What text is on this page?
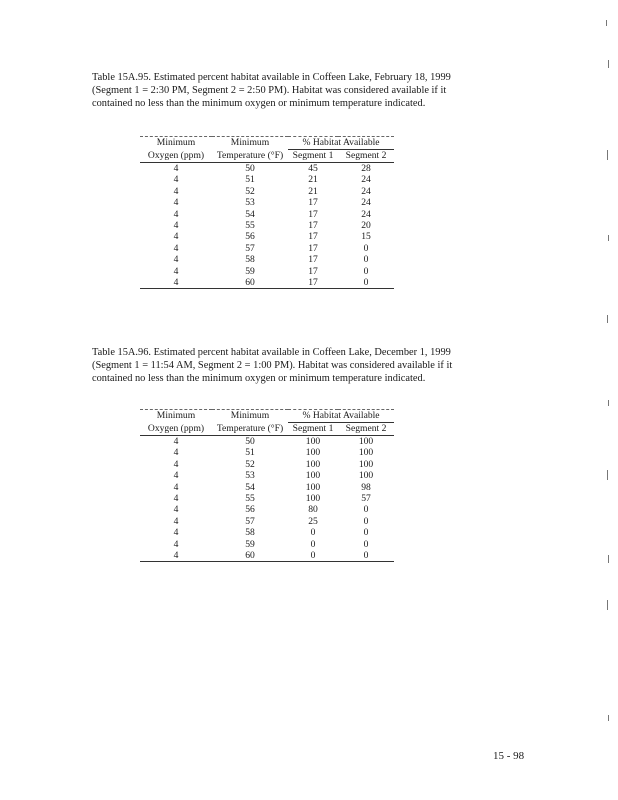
Table 15A.95. Estimated percent habitat available in Coffeen Lake, February 18, 1999 (Segment 1 = 2:30 PM, Segment 2 = 2:50 PM). Habitat was considered available if it contained no less than the minimum oxygen or minimum temperature indicated.

Minimum	Minimum	% Habitat Available	
Oxygen (ppm)	Temperature (°F)	Segment 1	Segment 2
4	50	45	28
4	51	21	24
4	52	21	24
4	53	17	24
4	54	17	24
4	55	17	20
4	56	17	15
4	57	17	0
4	58	17	0
4	59	17	0
4	60	17	0

Table 15A.96. Estimated percent habitat available in Coffeen Lake, December 1, 1999 (Segment 1 = 11:54 AM, Segment 2 = 1:00 PM). Habitat was considered available if it contained no less than the minimum oxygen or minimum temperature indicated.

Minimum	Minimum	% Habitat Available	
Oxygen (ppm)	Temperature (°F)	Segment 1	Segment 2
4	50	100	100
4	51	100	100
4	52	100	100
4	53	100	100
4	54	100	98
4	55	100	57
4	56	80	0
4	57	25	0
4	58	0	0
4	59	0	0
4	60	0	0
15 - 98
